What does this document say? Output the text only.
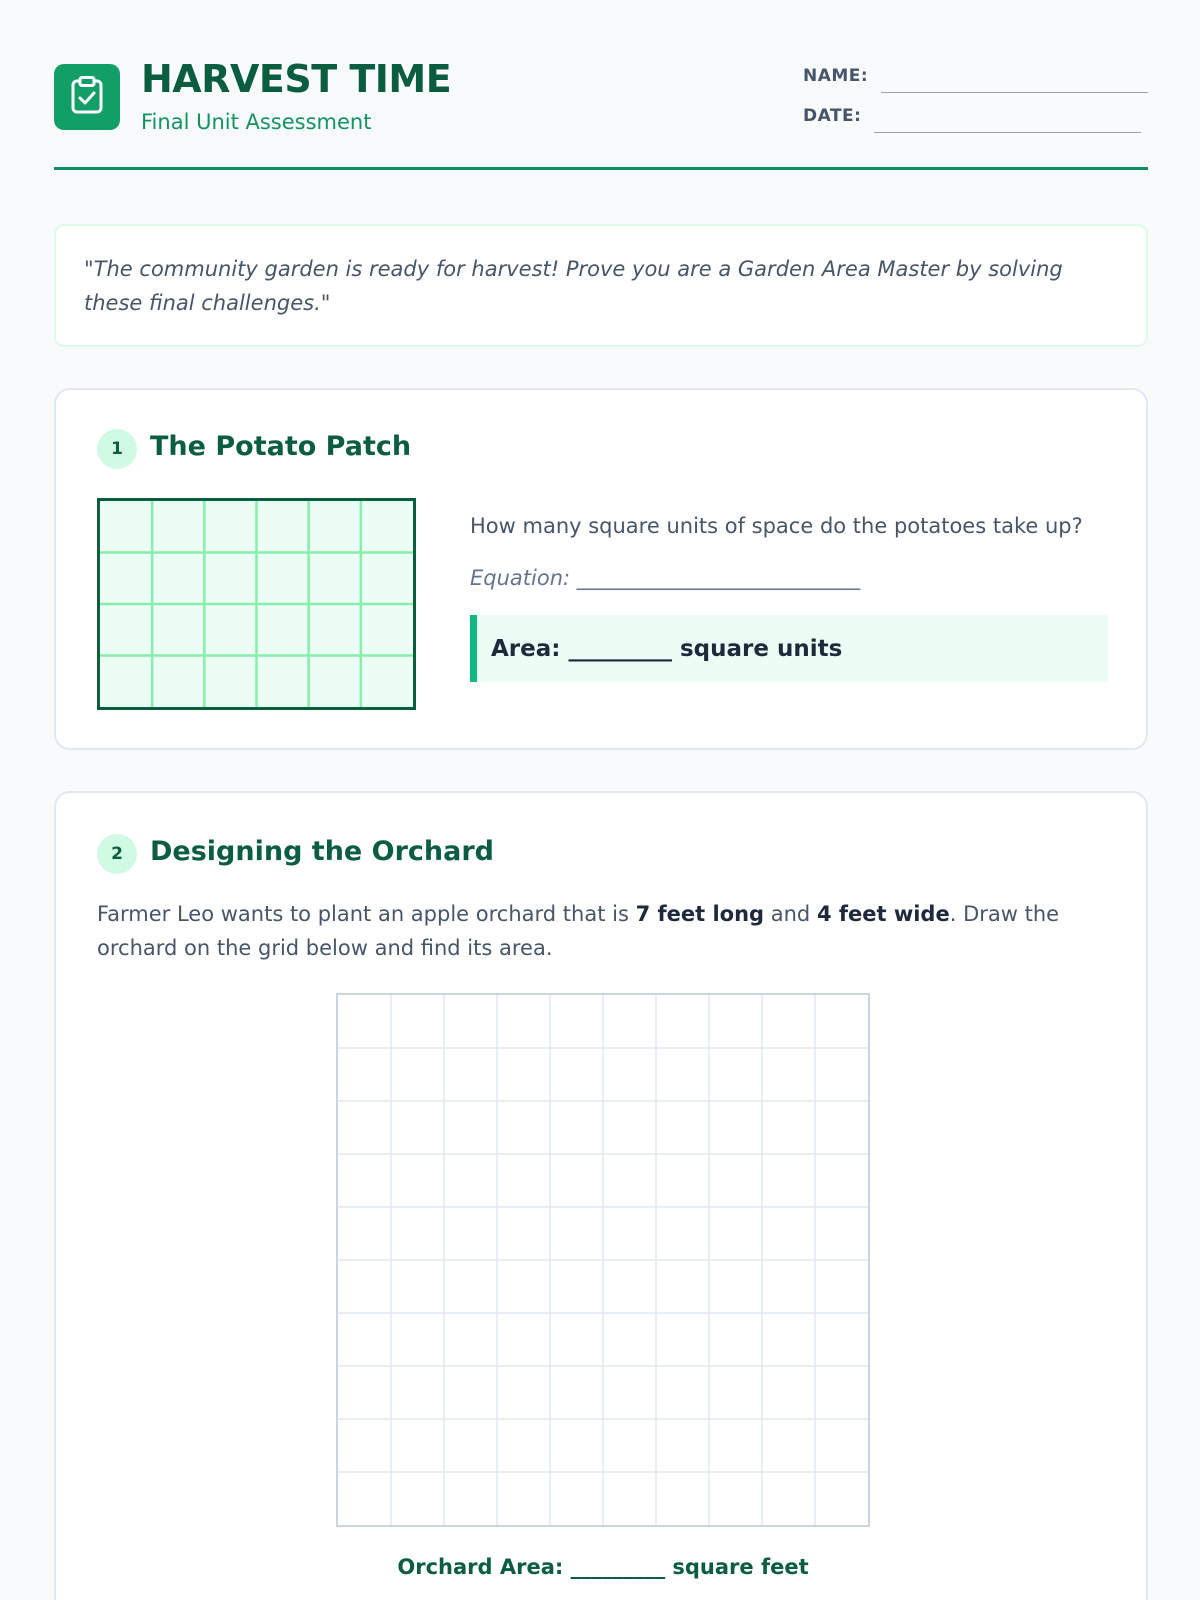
HARVEST TIME
Final Unit Assessment
NAME:
DATE:

"The community garden is ready for harvest! Prove you are a Garden Area Master by solving these final challenges."

1	The Potato Patch
How many square units of space do the potatoes take up?
Equation: ___________________________
Area: _________ square units
2	Designing the Orchard

Farmer Leo wants to plant an apple orchard that is 7 feet long and 4 feet wide. Draw the orchard on the grid below and find its area.

Orchard Area: _________ square feet
